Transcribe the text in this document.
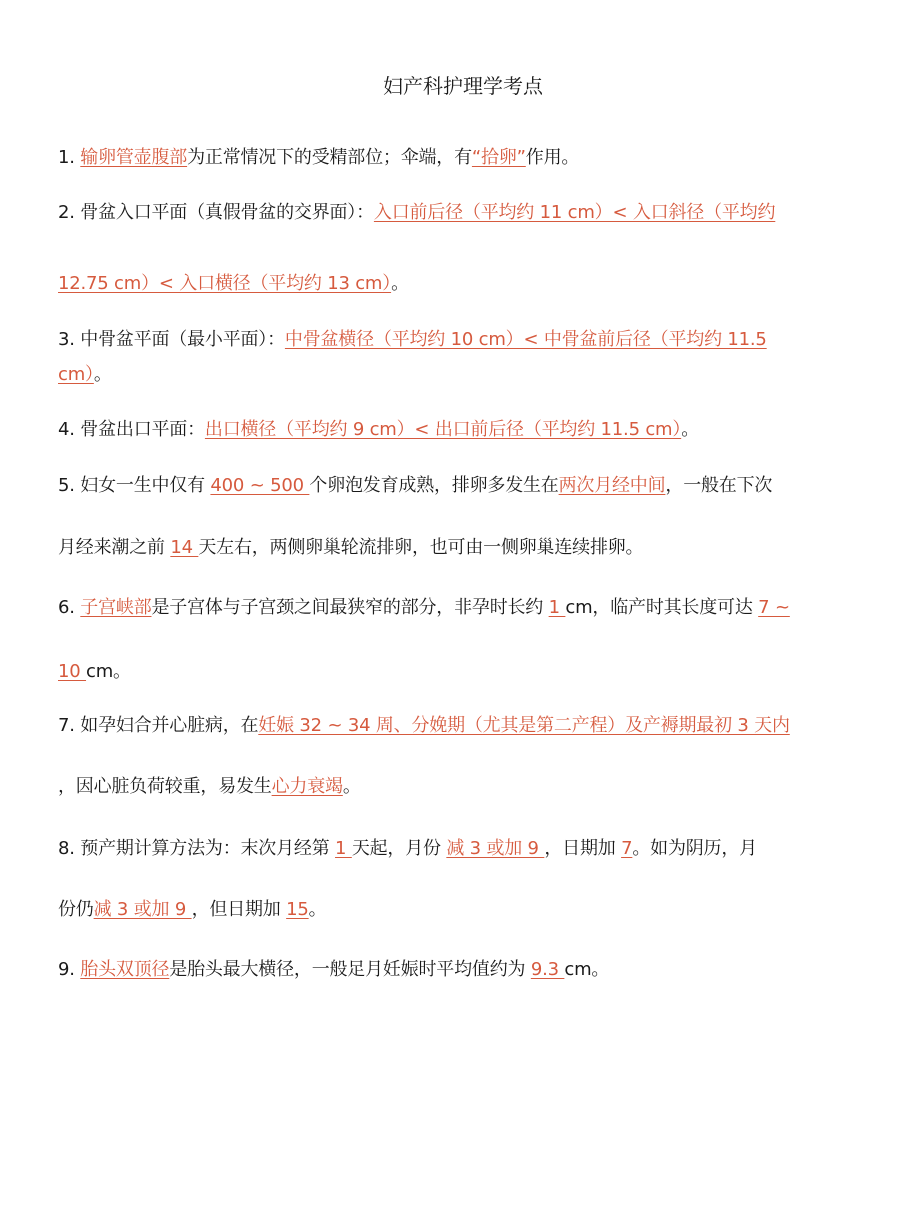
妇产科护理学考点
1. 输卵管壶腹部为正常情况下的受精部位；伞端，有“拾卵”作用。
2. 骨盆入口平面（真假骨盆的交界面）：入口前后径（平均约 11 cm）< 入口斜径（平均约
12.75 cm）< 入口横径（平均约 13 cm）。
3. 中骨盆平面（最小平面）：中骨盆横径（平均约 10 cm）< 中骨盆前后径（平均约 11.5
cm）。
4. 骨盆出口平面：出口横径（平均约 9 cm）< 出口前后径（平均约 11.5 cm）。
5. 妇女一生中仅有 400 ~ 500 个卵泡发育成熟，排卵多发生在两次月经中间，一般在下次
月经来潮之前 14 天左右，两侧卵巢轮流排卵，也可由一侧卵巢连续排卵。
6. 子宫峡部是子宫体与子宫颈之间最狭窄的部分，非孕时长约 1 cm，临产时其长度可达 7 ~
10 cm。
7. 如孕妇合并心脏病，在妊娠 32 ~ 34 周、分娩期（尤其是第二产程）及产褥期最初 3 天内
，因心脏负荷较重，易发生心力衰竭。
8. 预产期计算方法为：末次月经第 1 天起，月份 减 3 或加 9 ，日期加 7。如为阴历，月
份仍减 3 或加 9 ，但日期加 15。
9. 胎头双顶径是胎头最大横径，一般足月妊娠时平均值约为 9.3 cm。
